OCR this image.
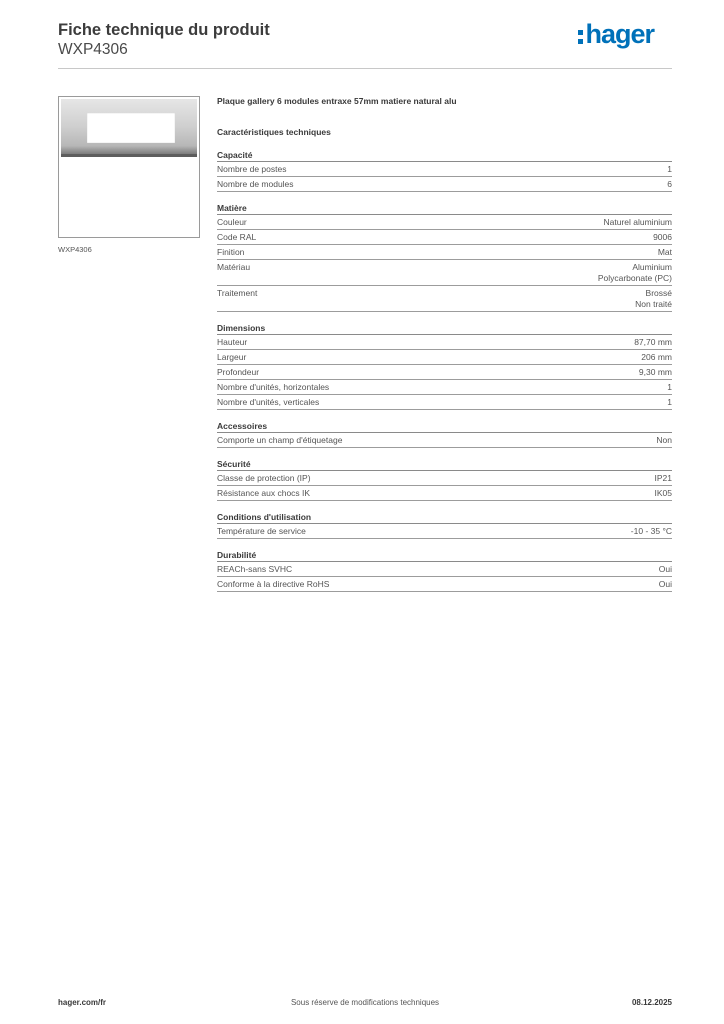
Fiche technique du produit
WXP4306
hager
WXP4306
Plaque gallery 6 modules entraxe 57mm matiere natural alu
Caractéristiques techniques
Capacité
Nombre de postes	1
Nombre de modules	6
Matière
Couleur	Naturel aluminium
Code RAL	9006
Finition	Mat
Matériau	Aluminium
Polycarbonate (PC)
Traitement	Brossé
Non traité
Dimensions
Hauteur	87,70 mm
Largeur	206 mm
Profondeur	9,30 mm
Nombre d'unités, horizontales	1
Nombre d'unités, verticales	1
Accessoires
Comporte un champ d'étiquetage	Non
Sécurité
Classe de protection (IP)	IP21
Résistance aux chocs IK	IK05
Conditions d'utilisation
Température de service	-10 - 35 °C
Durabilité
REACh-sans SVHC	Oui
Conforme à la directive RoHS	Oui
hager.com/fr	Sous réserve de modifications techniques	08.12.2025
